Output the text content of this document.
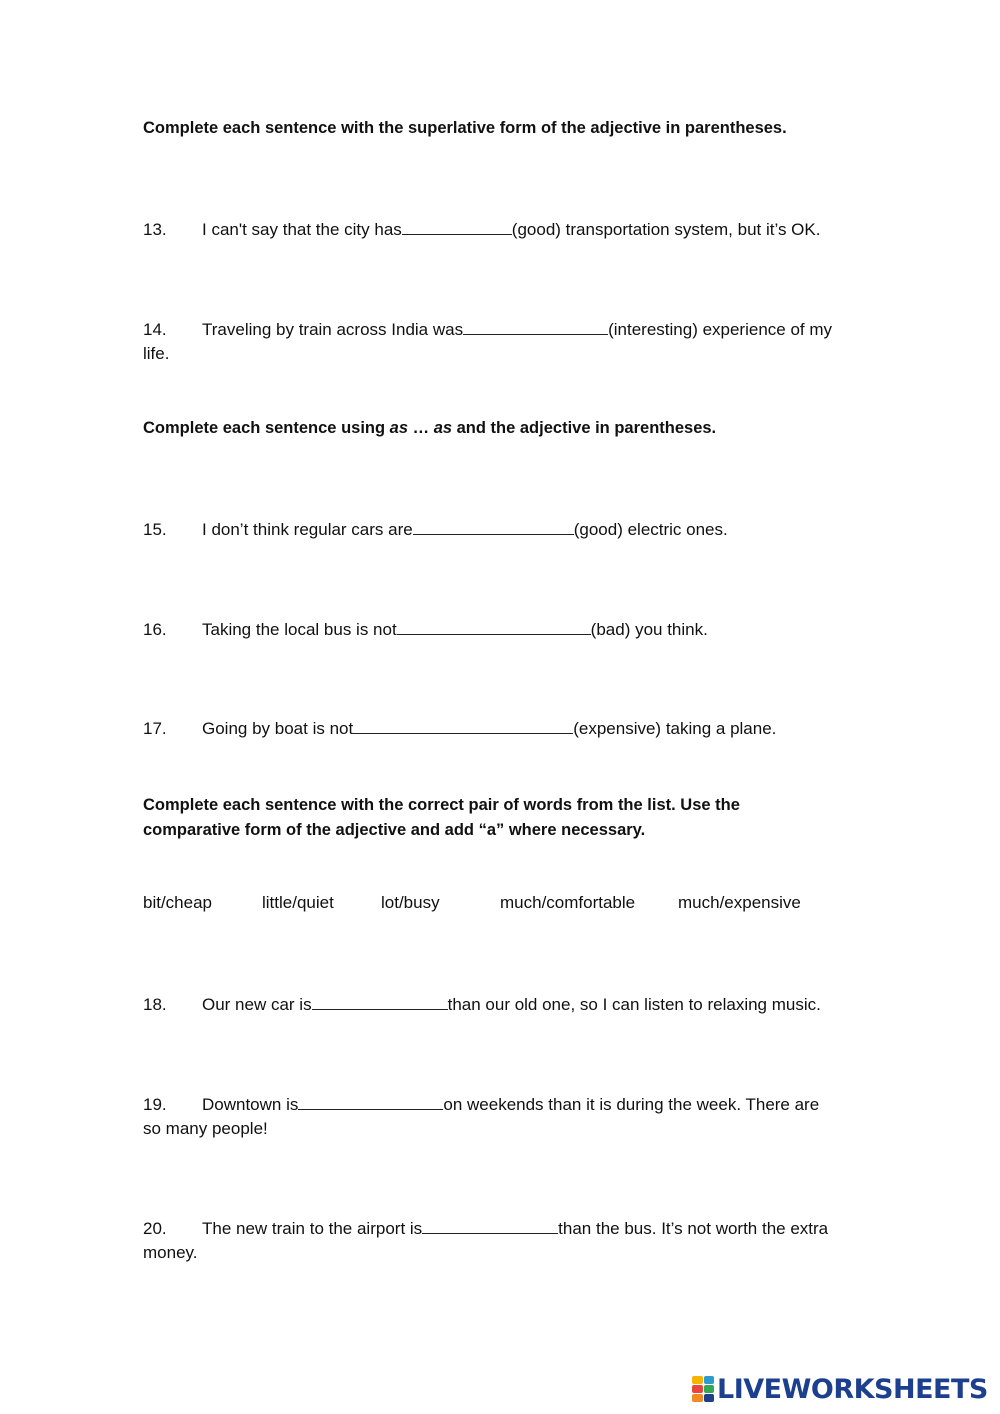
Complete each sentence with the superlative form of the adjective in parentheses.
13. I can't say that the city has	(good) transportation system, but it’s OK.
14. Traveling by train across India was	(interesting) experience of my
life.
Complete each sentence using as … as and the adjective in parentheses.
15. I don’t think regular cars are	(good) electric ones.
16. Taking the local bus is not	(bad) you think.
17. Going by boat is not	(expensive) taking a plane.
Complete each sentence with the correct pair of words from the list. Use the
comparative form of the adjective and add “a” where necessary.
bit/cheap	little/quiet	lot/busy	much/comfortable	much/expensive
18. Our new car is	than our old one, so I can listen to relaxing music.
19. Downtown is	on weekends than it is during the week. There are
so many people!
20. The new train to the airport is	than the bus. It’s not worth the extra
money.
LIVEWORKSHEETS
